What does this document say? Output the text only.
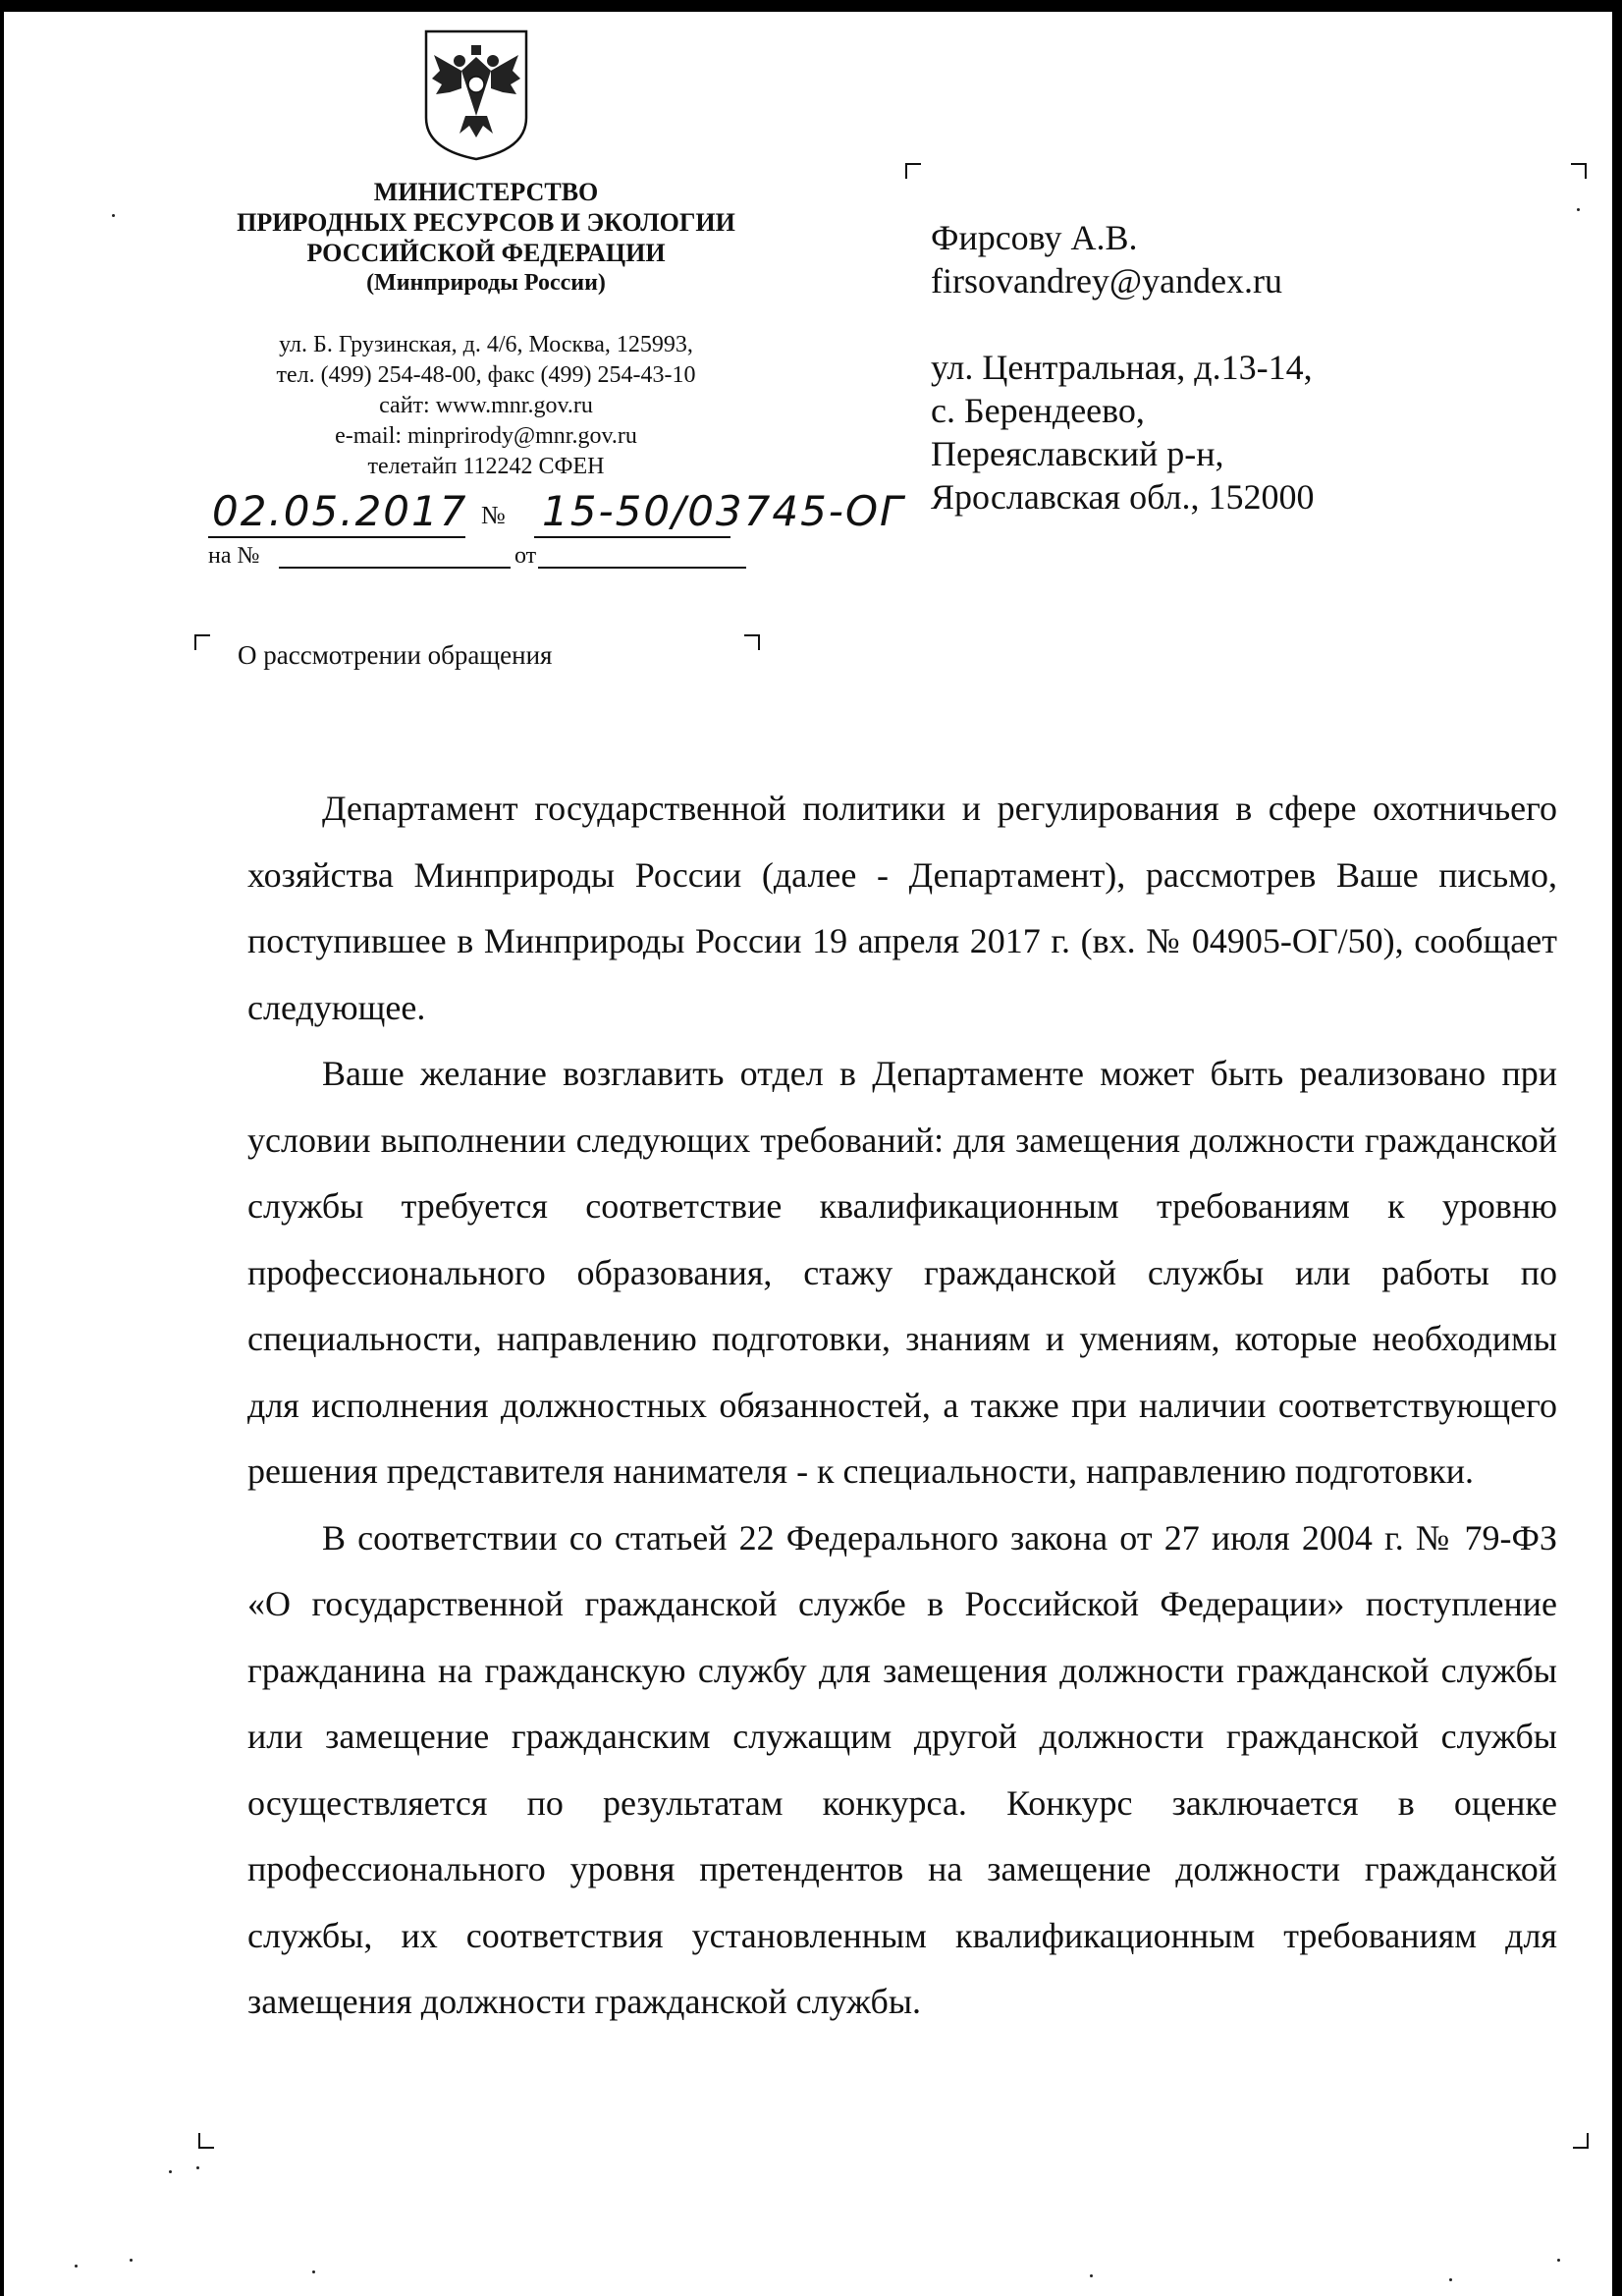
МИНИСТЕРСТВО
ПРИРОДНЫХ РЕСУРСОВ И ЭКОЛОГИИ
РОССИЙСКОЙ ФЕДЕРАЦИИ
(Минприроды России)
ул. Б. Грузинская, д. 4/6, Москва, 125993,
тел. (499) 254-48-00, факс (499) 254-43-10
сайт: www.mnr.gov.ru
e-mail: minprirody@mnr.gov.ru
телетайп 112242 СФЕН
02.05.2017 № 15-50/03745-ОГ
на №	от
Фирсову А.В.
firsovandrey@yandex.ru
ул. Центральная, д.13-14,
с. Берендеево,
Переяславский р-н,
Ярославская обл., 152000
О рассмотрении обращения

Департамент государственной политики и регулирования в сфере охотничьего хозяйства Минприроды России (далее - Департамент), рассмотрев Ваше письмо, поступившее в Минприроды России 19 апреля 2017 г. (вх. № 04905-ОГ/50), сообщает следующее.

Ваше желание возглавить отдел в Департаменте может быть реализовано при условии выполнении следующих требований: для замещения должности гражданской службы требуется соответствие квалификационным требованиям к уровню профессионального образования, стажу гражданской службы или работы по специальности, направлению подготовки, знаниям и умениям, которые необходимы для исполнения должностных обязанностей, а также при наличии соответствующего решения представителя нанимателя - к специальности, направлению подготовки.

В соответствии со статьей 22 Федерального закона от 27 июля 2004 г. № 79-ФЗ «О государственной гражданской службе в Российской Федерации» поступление гражданина на гражданскую службу для замещения должности гражданской службы или замещение гражданским служащим другой должности гражданской службы осуществляется по результатам конкурса. Конкурс заключается в оценке профессионального уровня претендентов на замещение должности гражданской службы, их соответствия установленным квалификационным требованиям для замещения должности гражданской службы.
